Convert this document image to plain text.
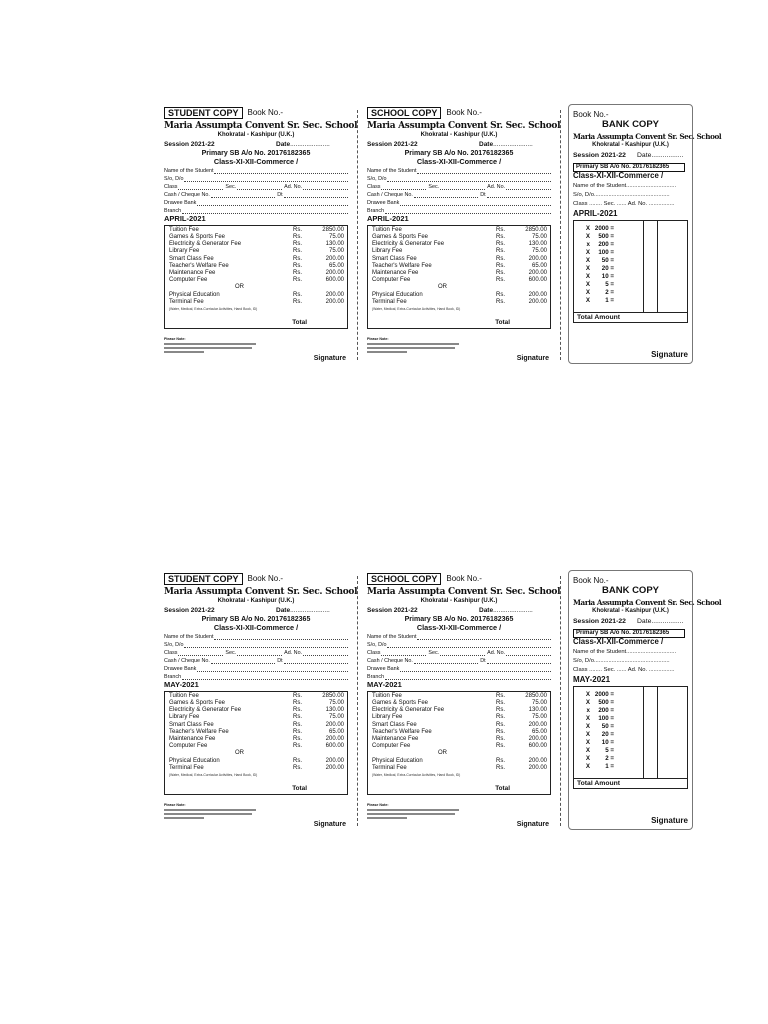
STUDENT COPY	Book No.-
Maria Assumpta Convent Sr. Sec. School
Khokratal - Kashipur (U.K.)
Session 2021-22	Date ......................
Primary SB A/o No. 20176182365
Class-XI-XII-Commerce /
Name of the Student
S/o, D/o
Class	Sec.	Ad. No.
Cash / Cheque No.	Dt
Drawee Bank
Branch
APRIL-2021
Tuition Fee	Rs.	2850.00
Games & Sports Fee	Rs.	75.00
Electricity & Generator Fee	Rs.	130.00
Library Fee	Rs.	75.00
Smart Class Fee	Rs.	200.00
Teacher's Welfare Fee	Rs.	65.00
Maintenance Fee	Rs.	200.00
Computer Fee	Rs.	600.00
OR
Physical Education	Rs.	200.00
Terminal Fee	Rs.	200.00
(Water, Medical, Extra-Curricular Activities, Hand Book, ID)
Total
Please Note:
Signature
SCHOOL COPY	Book No.-
Maria Assumpta Convent Sr. Sec. School
Khokratal - Kashipur (U.K.)
Session 2021-22	Date ......................
Primary SB A/o No. 20176182365
Class-XI-XII-Commerce /
Name of the Student
S/o, D/o
Class	Sec.	Ad. No.
Cash / Cheque No.	Dt
Drawee Bank
Branch
APRIL-2021
Tuition Fee	Rs.	2850.00
Games & Sports Fee	Rs.	75.00
Electricity & Generator Fee	Rs.	130.00
Library Fee	Rs.	75.00
Smart Class Fee	Rs.	200.00
Teacher's Welfare Fee	Rs.	65.00
Maintenance Fee	Rs.	200.00
Computer Fee	Rs.	600.00
OR
Physical Education	Rs.	200.00
Terminal Fee	Rs.	200.00
(Water, Medical, Extra-Curricular Activities, Hand Book, ID)
Total
Please Note:
Signature
Book No.-
BANK COPY
Maria Assumpta Convent Sr. Sec. School
Khokratal - Kashipur (U.K.)
Session 2021-22	Date.................
Primary SB A/o No. 20176182365
Class-XI-XII-Commerce /
Name of the Student...............................
S/o, D/o...............................................
Class ........ Sec. ...... Ad. No. ................
APRIL-2021
X 2000 =
X	500 =
x	200 =
X	100 =
X	50 =
X	20 =
X	10 =
X	5 =
X	2 =
X	1 =
Total Amount
Signature
STUDENT COPY	Book No.-
Maria Assumpta Convent Sr. Sec. School
Khokratal - Kashipur (U.K.)
Session 2021-22	Date ......................
Primary SB A/o No. 20176182365
Class-XI-XII-Commerce /
Name of the Student
S/o, D/o
Class	Sec.	Ad. No.
Cash / Cheque No.	Dt
Drawee Bank
Branch
MAY-2021
Tuition Fee	Rs.	2850.00
Games & Sports Fee	Rs.	75.00
Electricity & Generator Fee	Rs.	130.00
Library Fee	Rs.	75.00
Smart Class Fee	Rs.	200.00
Teacher's Welfare Fee	Rs.	65.00
Maintenance Fee	Rs.	200.00
Computer Fee	Rs.	600.00
OR
Physical Education	Rs.	200.00
Terminal Fee	Rs.	200.00
(Water, Medical, Extra-Curricular Activities, Hand Book, ID)
Total
Please Note:
Signature
SCHOOL COPY	Book No.-
Maria Assumpta Convent Sr. Sec. School
Khokratal - Kashipur (U.K.)
Session 2021-22	Date ......................
Primary SB A/o No. 20176182365
Class-XI-XII-Commerce /
Name of the Student
S/o, D/o
Class	Sec.	Ad. No.
Cash / Cheque No.	Dt
Drawee Bank
Branch
MAY-2021
Tuition Fee	Rs.	2850.00
Games & Sports Fee	Rs.	75.00
Electricity & Generator Fee	Rs.	130.00
Library Fee	Rs.	75.00
Smart Class Fee	Rs.	200.00
Teacher's Welfare Fee	Rs.	65.00
Maintenance Fee	Rs.	200.00
Computer Fee	Rs.	600.00
OR
Physical Education	Rs.	200.00
Terminal Fee	Rs.	200.00
(Water, Medical, Extra-Curricular Activities, Hand Book, ID)
Total
Please Note:
Signature
Book No.-
BANK COPY
Maria Assumpta Convent Sr. Sec. School
Khokratal - Kashipur (U.K.)
Session 2021-22	Date.................
Primary SB A/o No. 20176182365
Class-XI-XII-Commerce /
Name of the Student...............................
S/o, D/o...............................................
Class ........ Sec. ...... Ad. No. ................
MAY-2021
X 2000 =
X	500 =
x	200 =
X	100 =
X	50 =
X	20 =
X	10 =
X	5 =
X	2 =
X	1 =
Total Amount
Signature
